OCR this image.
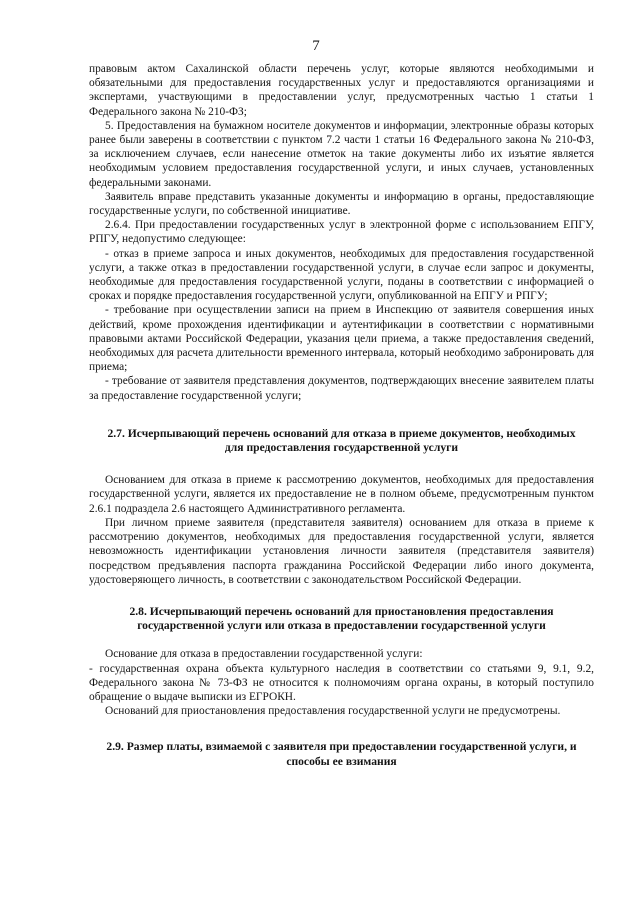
7

правовым актом Сахалинской области перечень услуг, которые являются необходимыми и обязательными для предоставления государственных услуг и предоставляются организациями и экспертами, участвующими в предоставлении услуг, предусмотренных частью 1 статьи 1 Федерального закона № 210-ФЗ;

5. Предоставления на бумажном носителе документов и информации, электронные образы которых ранее были заверены в соответствии с пунктом 7.2 части 1 статьи 16 Федерального закона № 210-ФЗ, за исключением случаев, если нанесение отметок на такие документы либо их изъятие является необходимым условием предоставления государственной услуги, и иных случаев, установленных федеральными законами.

Заявитель вправе представить указанные документы и информацию в органы, предоставляющие государственные услуги, по собственной инициативе.

2.6.4. При предоставлении государственных услуг в электронной форме с использованием ЕПГУ, РПГУ, недопустимо следующее:

- отказ в приеме запроса и иных документов, необходимых для предоставления государственной услуги, а также отказ в предоставлении государственной услуги, в случае если запрос и документы, необходимые для предоставления государственной услуги, поданы в соответствии с информацией о сроках и порядке предоставления государственной услуги, опубликованной на ЕПГУ и РПГУ;

- требование при осуществлении записи на прием в Инспекцию от заявителя совершения иных действий, кроме прохождения идентификации и аутентификации в соответствии с нормативными правовыми актами Российской Федерации, указания цели приема, а также предоставления сведений, необходимых для расчета длительности временного интервала, который необходимо забронировать для приема;

- требование от заявителя представления документов, подтверждающих внесение заявителем платы за предоставление государственной услуги;

2.7. Исчерпывающий перечень оснований для отказа в приеме документов, необходимых для предоставления государственной услуги

Основанием для отказа в приеме к рассмотрению документов, необходимых для предоставления государственной услуги, является их предоставление не в полном объеме, предусмотренным пунктом 2.6.1 подраздела 2.6 настоящего Административного регламента.

При личном приеме заявителя (представителя заявителя) основанием для отказа в приеме к рассмотрению документов, необходимых для предоставления государственной услуги, является невозможность идентификации установления личности заявителя (представителя заявителя) посредством предъявления паспорта гражданина Российской Федерации либо иного документа, удостоверяющего личность, в соответствии с законодательством Российской Федерации.

2.8. Исчерпывающий перечень оснований для приостановления предоставления государственной услуги или отказа в предоставлении государственной услуги

Основание для отказа в предоставлении государственной услуги:

- государственная охрана объекта культурного наследия в соответствии со статьями 9, 9.1, 9.2, Федерального закона № 73-ФЗ не относится к полномочиям органа охраны, в который поступило обращение о выдаче выписки из ЕГРОКН.

Оснований для приостановления предоставления государственной услуги не предусмотрены.

2.9. Размер платы, взимаемой с заявителя при предоставлении государственной услуги, и способы ее взимания
